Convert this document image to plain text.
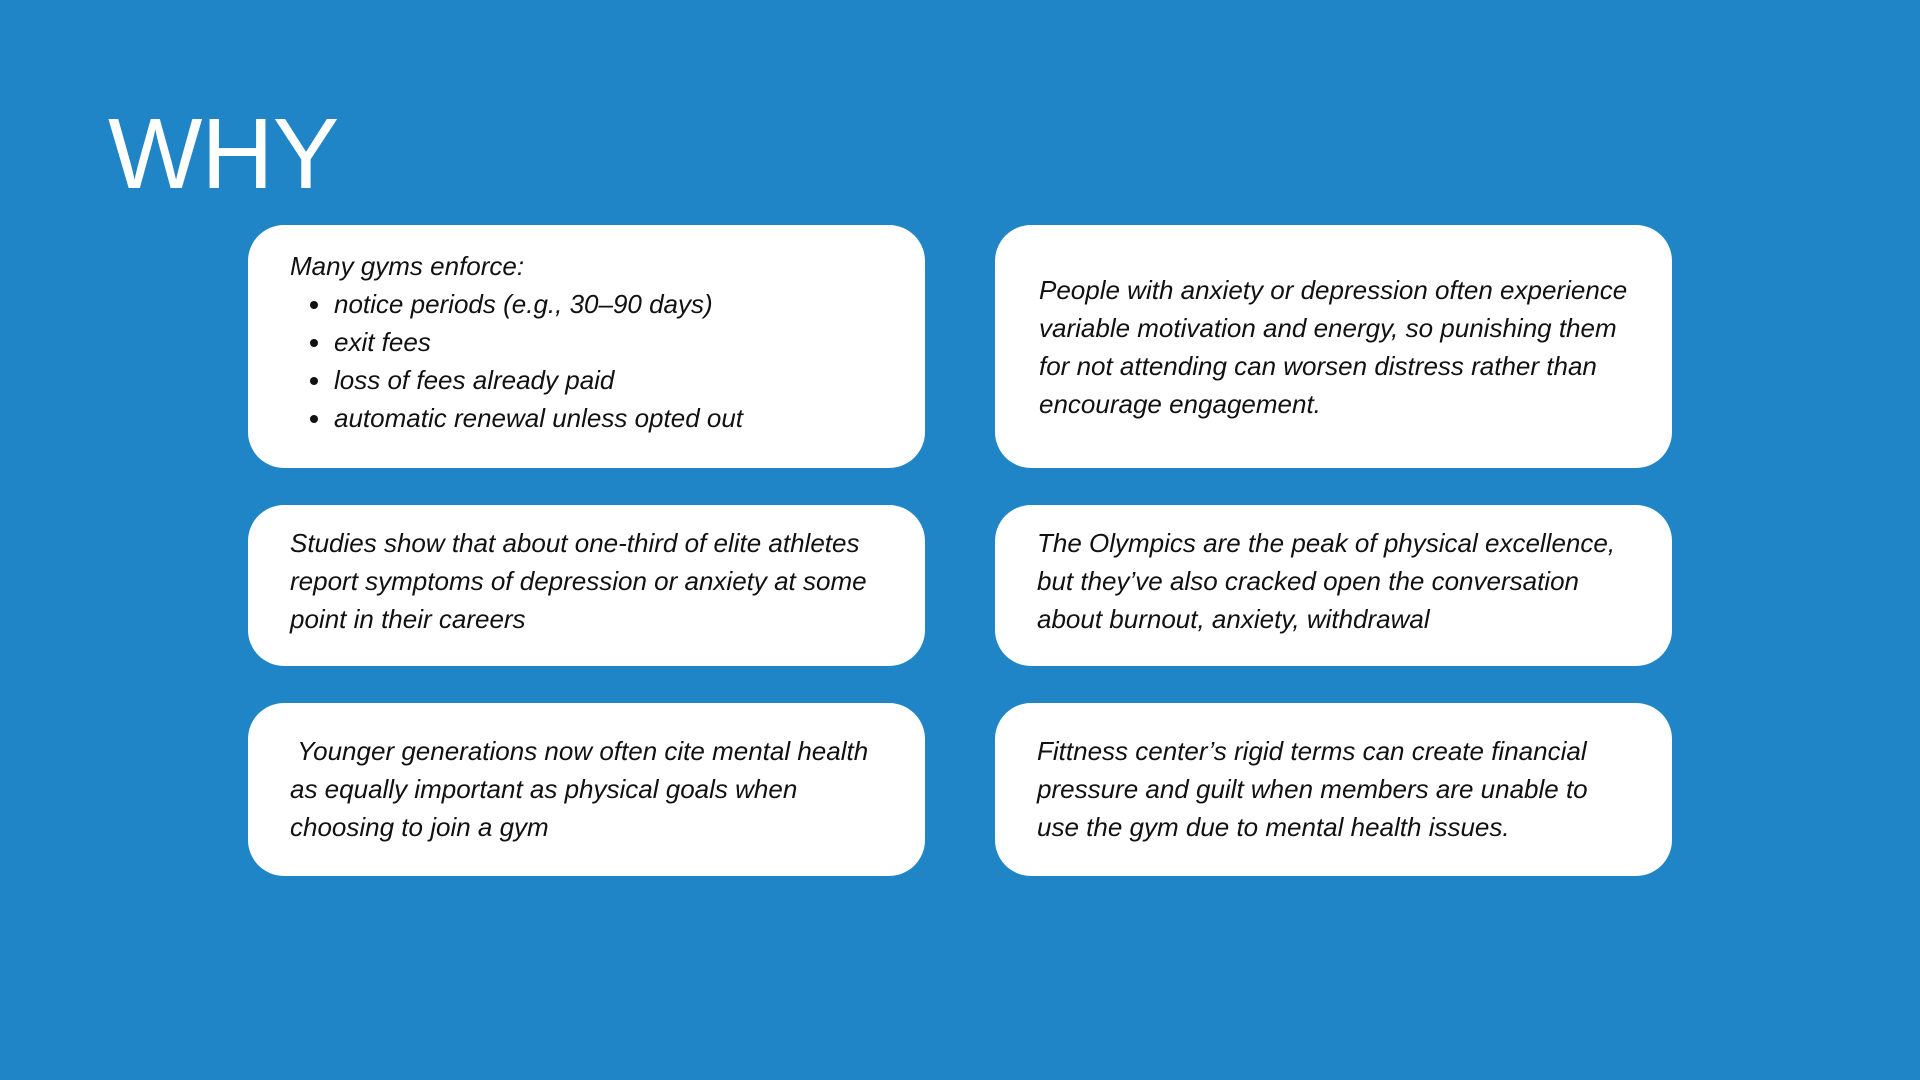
WHY

Many gyms enforce:

notice periods (e.g., 30–90 days)
exit fees
loss of fees already paid
automatic renewal unless opted out

People with anxiety or depression often experience variable motivation and energy, so punishing them for not attending can worsen distress rather than encourage engagement.

Studies show that about one-third of elite athletes report symptoms of depression or anxiety at some point in their careers

The Olympics are the peak of physical excellence, but they’ve also cracked open the conversation about burnout, anxiety, withdrawal

Younger generations now often cite mental health as equally important as physical goals when choosing to join a gym

Fittness center’s rigid terms can create financial pressure and guilt when members are unable to use the gym due to mental health issues.
